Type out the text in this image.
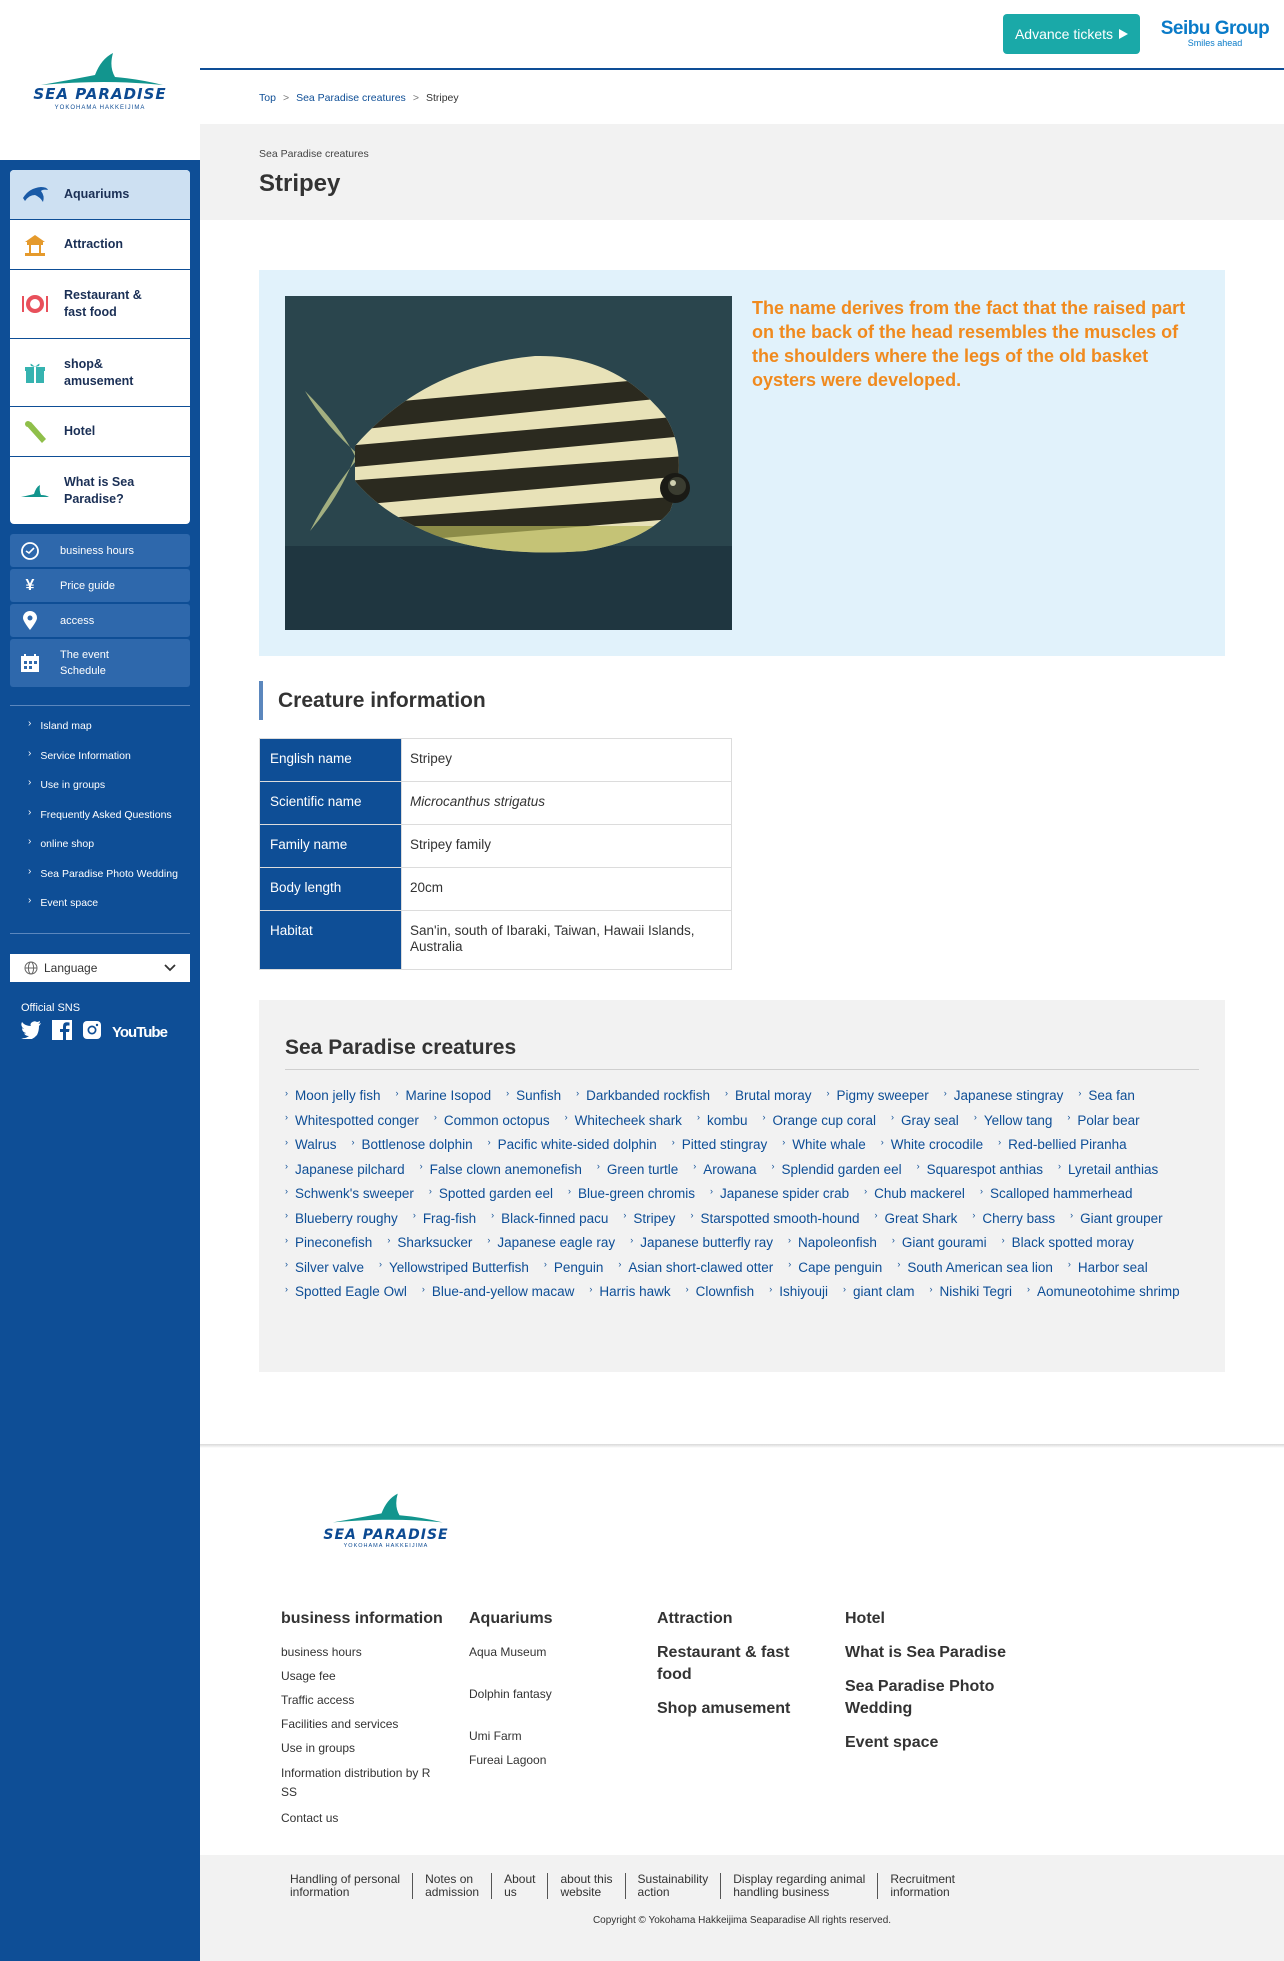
SEA PARADISE
YOKOHAMA HAKKEIJIMA
Aquariums
Attraction
Restaurant &
fast food
shop&
amusement
Hotel
What is Sea
Paradise?
business hours
¥	Price guide
access
The event
Schedule
› Island map
› Service Information
› Use in groups
› Frequently Asked Questions
› online shop
› Sea Paradise Photo Wedding
› Event space
Language
Official SNS
YouTube
Advance tickets	Seibu Group
Smiles ahead
Top > Sea Paradise creatures > Stripey
Sea Paradise creatures
Stripey

The name derives from the fact that the raised part on the back of the head resembles the muscles of the shoulders where the legs of the old basket oysters were developed.

Creature information
English name	Stripey
Scientific name	Microcanthus strigatus
Family name	Stripey family
Body length	20cm
Habitat	San'in, south of Ibaraki, Taiwan, Hawaii Islands, Australia
Sea Paradise creatures
› Moon jelly fish › Marine Isopod › Sunfish › Darkbanded rockfish › Brutal moray › Pigmy sweeper › Japanese stingray › Sea fan
› Whitespotted conger › Common octopus › Whitecheek shark › kombu › Orange cup coral › Gray seal › Yellow tang › Polar bear
› Walrus › Bottlenose dolphin › Pacific white-sided dolphin › Pitted stingray › White whale › White crocodile › Red-bellied Piranha
› Japanese pilchard › False clown anemonefish › Green turtle › Arowana › Splendid garden eel › Squarespot anthias › Lyretail anthias
› Schwenk's sweeper › Spotted garden eel › Blue-green chromis › Japanese spider crab › Chub mackerel › Scalloped hammerhead
› Blueberry roughy › Frag-fish › Black-finned pacu › Stripey › Starspotted smooth-hound › Great Shark › Cherry bass › Giant grouper
› Pineconefish › Sharksucker › Japanese eagle ray › Japanese butterfly ray › Napoleonfish › Giant gourami › Black spotted moray
› Silver valve › Yellowstriped Butterfish › Penguin › Asian short-clawed otter › Cape penguin › South American sea lion › Harbor seal
› Spotted Eagle Owl › Blue-and-yellow macaw › Harris hawk › Clownfish › Ishiyouji › giant clam › Nishiki Tegri › Aomuneotohime shrimp
SEA PARADISE
YOKOHAMA HAKKEIJIMA
business information
business hours
Usage fee
Traffic access
Facilities and services
Use in groups
Information distribution by R
SS
Contact us
Aquariums
Aqua Museum
Dolphin fantasy
Umi Farm
Fureai Lagoon
Attraction
Restaurant & fast
food
Shop amusement
Hotel
What is Sea Paradise
Sea Paradise Photo
Wedding
Event space
Handling of personal
information
Notes on
admission
About
us
about this
website
Sustainability
action
Display regarding animal
handling business
Recruitment
information
Copyright © Yokohama Hakkeijima Seaparadise All rights reserved.
